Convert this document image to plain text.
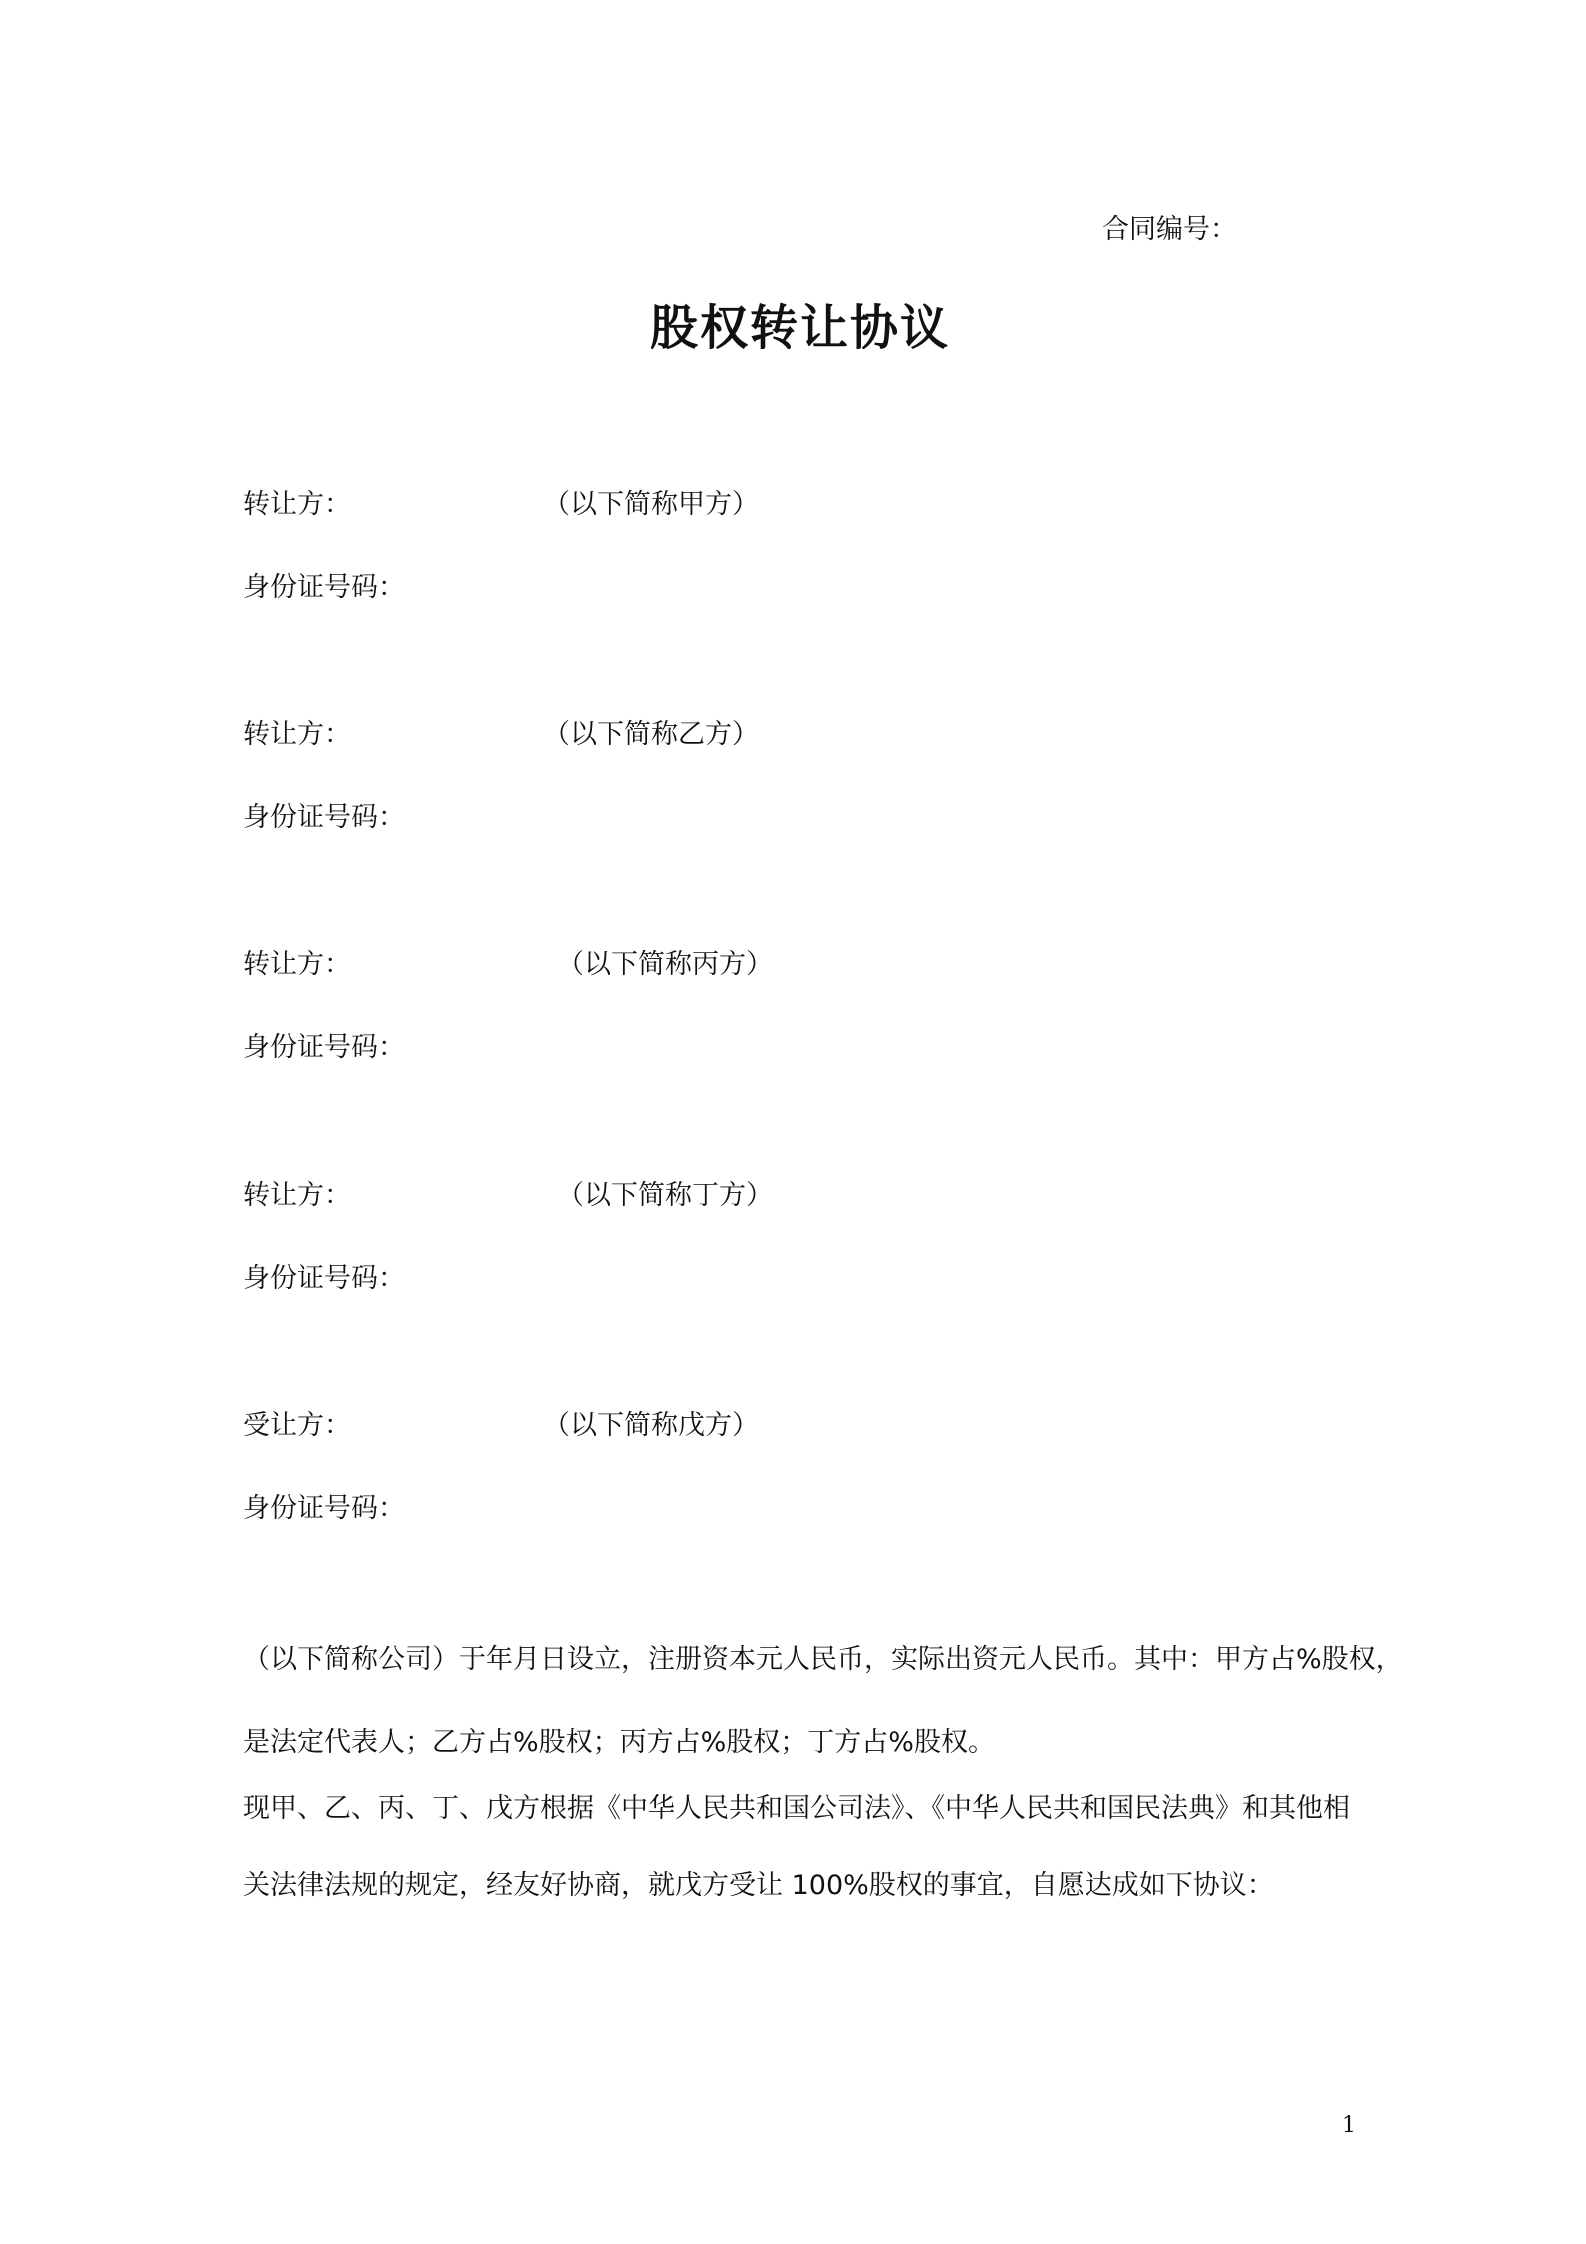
合同编号：
股权转让协议
转让方：	（以下简称甲方）
身份证号码：
转让方：	（以下简称乙方）
身份证号码：
转让方：	（以下简称丙方）
身份证号码：
转让方：	（以下简称丁方）
身份证号码：
受让方：	（以下简称戊方）
身份证号码：
（以下简称公司）于年月日设立，注册资本元人民币，实际出资元人民币。其中：甲方占%股权，
是法定代表人；乙方占%股权；丙方占%股权；丁方占%股权。
现甲、乙、丙、丁、戊方根据《中华人民共和国公司法》、《中华人民共和国民法典》和其他相
关法律法规的规定，经友好协商，就戊方受让 100%股权的事宜，自愿达成如下协议：
1
